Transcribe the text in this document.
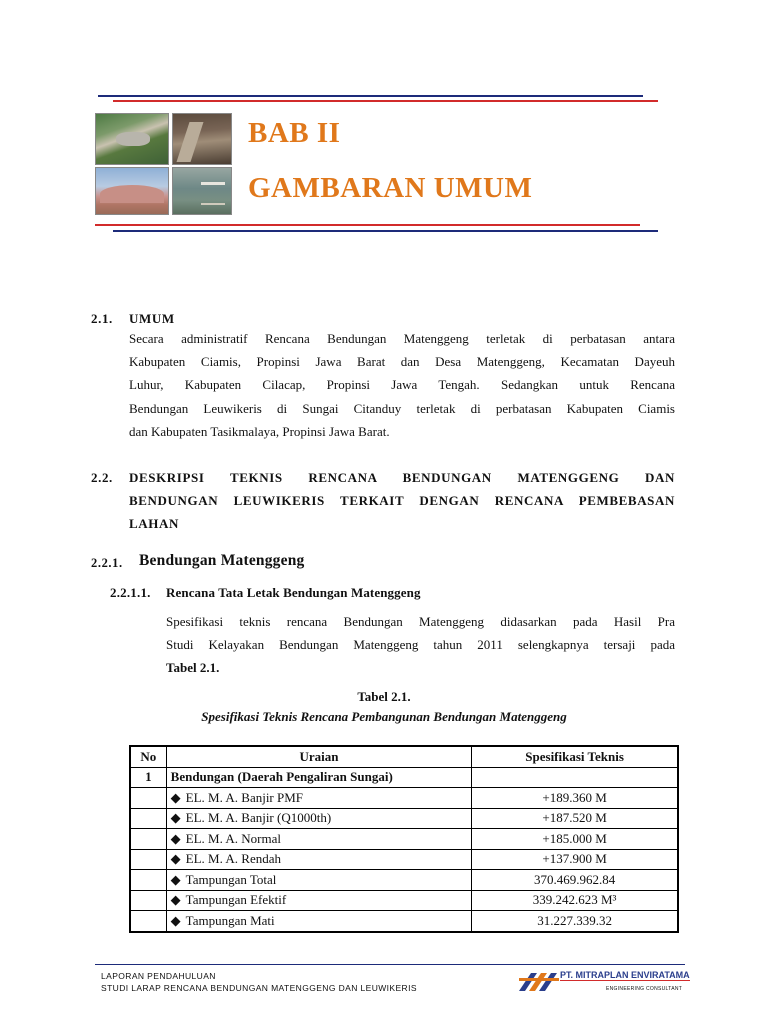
BAB II
GAMBARAN UMUM
2.1. UMUM
Secara administratif Rencana Bendungan Matenggeng terletak di perbatasan antara
Kabupaten Ciamis, Propinsi Jawa Barat dan Desa Matenggeng, Kecamatan Dayeuh
Luhur, Kabupaten Cilacap, Propinsi Jawa Tengah. Sedangkan untuk Rencana
Bendungan Leuwikeris di Sungai Citanduy terletak di perbatasan Kabupaten Ciamis
dan Kabupaten Tasikmalaya, Propinsi Jawa Barat.
2.2. DESKRIPSI TEKNIS RENCANA BENDUNGAN MATENGGENG DAN
BENDUNGAN LEUWIKERIS TERKAIT DENGAN RENCANA PEMBEBASAN
LAHAN
2.2.1. Bendungan Matenggeng
2.2.1.1. Rencana Tata Letak Bendungan Matenggeng
Spesifikasi teknis rencana Bendungan Matenggeng didasarkan pada Hasil Pra
Studi Kelayakan Bendungan Matenggeng tahun 2011 selengkapnya tersaji pada
Tabel 2.1.
Tabel 2.1.
Spesifikasi Teknis Rencana Pembangunan Bendungan Matenggeng
No	Uraian	Spesifikasi Teknis
1	Bendungan (Daerah Pengaliran Sungai)	
	◆ EL. M. A. Banjir PMF	+189.360 M
	◆ EL. M. A. Banjir (Q1000th)	+187.520 M
	◆ EL. M. A. Normal	+185.000 M
	◆ EL. M. A. Rendah	+137.900 M
	◆ Tampungan Total	370.469.962.84
	◆ Tampungan Efektif	339.242.623 M³
	◆ Tampungan Mati	31.227.339.32
LAPORAN PENDAHULUAN
STUDI LARAP RENCANA BENDUNGAN MATENGGENG DAN LEUWIKERIS
PT. MITRAPLAN ENVIRATAMA
ENGINEERING CONSULTANT
